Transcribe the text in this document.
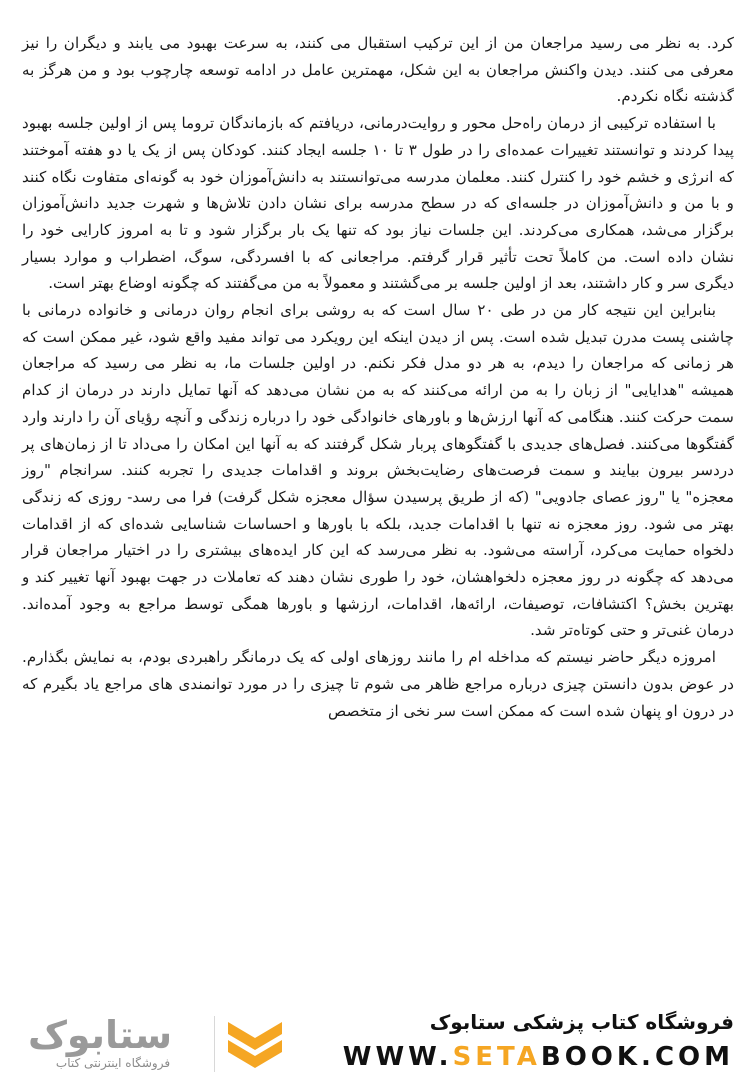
کرد. به نظر می رسید مراجعان من از این ترکیب استقبال می کنند، به سرعت بهبود می یابند و دیگران را نیز معرفی می کنند. دیدن واکنش مراجعان به این شکل، مهمترین عامل در ادامه توسعه چارچوب بود و من هرگز به گذشته نگاه نکردم.

با استفاده ترکیبی از درمان راه‌حل محور و روایت‌درمانی، دریافتم که بازماندگان تروما پس از اولین جلسه بهبود پیدا کردند و توانستند تغییرات عمده‌ای را در طول ۳ تا ۱۰ جلسه ایجاد کنند. کودکان پس از یک یا دو هفته آموختند که انرژی و خشم خود را کنترل کنند. معلمان مدرسه می‌توانستند به دانش‌آموزان خود به گونه‌ای متفاوت نگاه کنند و با من و دانش‌آموزان در جلسه‌ای که در سطح مدرسه برای نشان دادن تلاش‌ها و شهرت جدید دانش‌آموزان برگزار می‌شد، همکاری می‌کردند. این جلسات نیاز بود که تنها یک بار برگزار شود و تا به امروز کارایی خود را نشان داده است. من کاملاً تحت تأثیر قرار گرفتم. مراجعانی که با افسردگی، سوگ، اضطراب و موارد بسیار دیگری سر و کار داشتند، بعد از اولین جلسه بر می‌گشتند و معمولاً به من می‌گفتند که چگونه اوضاع بهتر است.

بنابراین این نتیجه کار من در طی ۲۰ سال است که به روشی برای انجام روان درمانی و خانواده درمانی با چاشنی پست مدرن تبدیل شده است. پس از دیدن اینکه این رویکرد می تواند مفید واقع شود، غیر ممکن است که هر زمانی که مراجعان را دیدم، به هر دو مدل فکر نکنم. در اولین جلسات ما، به نظر می رسید که مراجعان همیشه "هدایایی" از زبان را به من ارائه می‌کنند که به من نشان می‌دهد که آنها تمایل دارند در درمان از کدام سمت حرکت کنند. هنگامی که آنها ارزش‌ها و باورهای خانوادگی خود را درباره زندگی و آنچه رؤیای آن را دارند وارد گفتگوها می‌کنند. فصل‌های جدیدی با گفتگوهای پربار شکل گرفتند که به آنها این امکان را می‌داد تا از زمان‌های پر دردسر بیرون بیایند و سمت فرصت‌های رضایت‌بخش بروند و اقدامات جدیدی را تجربه کنند. سرانجام "روز معجزه" یا "روز عصای جادویی" (که از طریق پرسیدن سؤال معجزه شکل گرفت) فرا می رسد- روزی که زندگی بهتر می شود. روز معجزه نه تنها با اقدامات جدید، بلکه با باورها و احساسات شناسایی شده‌ای که از اقدامات دلخواه حمایت می‌کرد، آراسته می‌شود. به نظر می‌رسد که این کار ایده‌های بیشتری را در اختیار مراجعان قرار می‌دهد که چگونه در روز معجزه دلخواهشان، خود را طوری نشان دهند که تعاملات در جهت بهبود آنها تغییر کند و بهترین بخش؟ اکتشافات، توصیفات، ارائه‌ها، اقدامات، ارزشها و باورها همگی توسط مراجع به وجود آمده‌اند. درمان غنی‌تر و حتی کوتاه‌تر شد.

امروزه دیگر حاضر نیستم که مداخله ام را مانند روزهای اولی که یک درمانگر راهبردی بودم، به نمایش بگذارم. در عوض بدون دانستن چیزی درباره مراجع ظاهر می شوم تا چیزی را در مورد توانمندی های مراجع یاد بگیرم که در درون او پنهان شده است که ممکن است سر نخی از متخصص

ستابوک
فروشگاه اینترنتی کتاب
فروشگاه کتاب پزشکی ستابوک
WWW.SETABOOK.COM
